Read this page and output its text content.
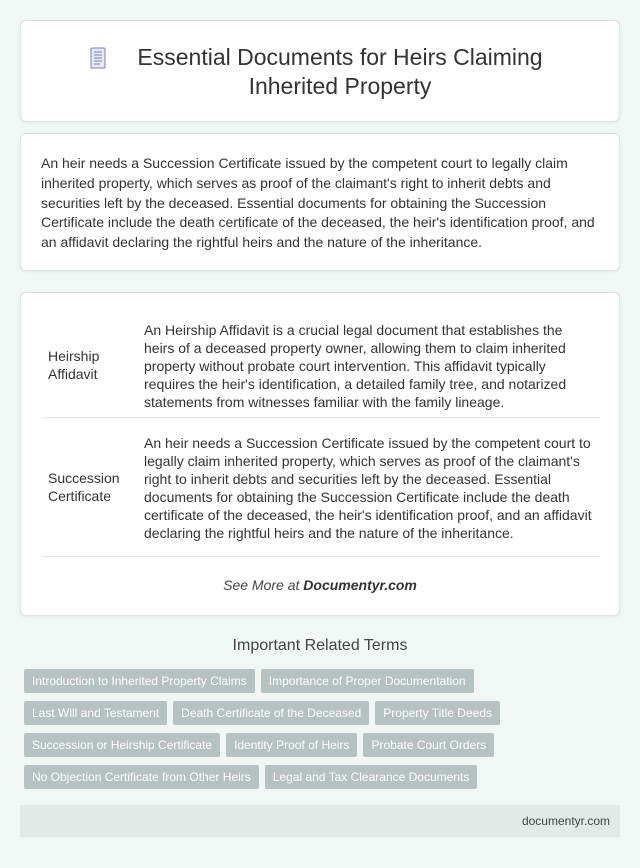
Essential Documents for Heirs Claiming Inherited Property

An heir needs a Succession Certificate issued by the competent court to legally claim inherited property, which serves as proof of the claimant's right to inherit debts and securities left by the deceased. Essential documents for obtaining the Succession Certificate include the death certificate of the deceased, the heir's identification proof, and an affidavit declaring the rightful heirs and the nature of the inheritance.

Heirship Affidavit	An Heirship Affidavit is a crucial legal document that establishes the heirs of a deceased property owner, allowing them to claim inherited property without probate court intervention. This affidavit typically requires the heir's identification, a detailed family tree, and notarized statements from witnesses familiar with the family lineage.
Succession Certificate	An heir needs a Succession Certificate issued by the competent court to legally claim inherited property, which serves as proof of the claimant's right to inherit debts and securities left by the deceased. Essential documents for obtaining the Succession Certificate include the death certificate of the deceased, the heir's identification proof, and an affidavit declaring the rightful heirs and the nature of the inheritance.
See More at Documentyr.com
Important Related Terms
Introduction to Inherited Property Claims Importance of Proper Documentation
Last Will and Testament Death Certificate of the Deceased Property Title Deeds
Succession or Heirship Certificate Identity Proof of Heirs Probate Court Orders
No Objection Certificate from Other Heirs Legal and Tax Clearance Documents
documentyr.com
